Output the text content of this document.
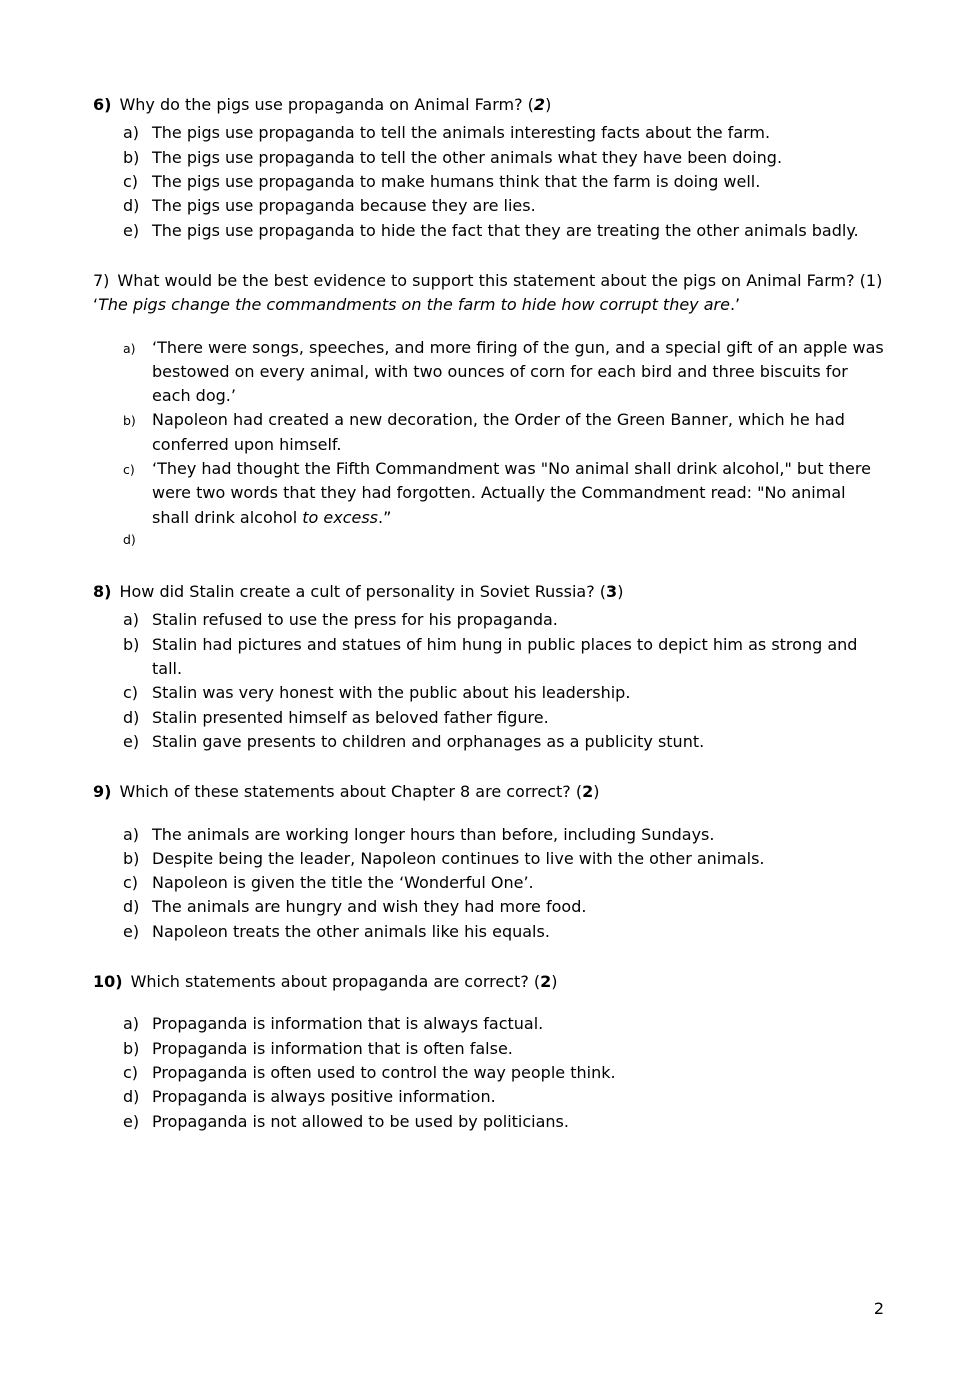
6) Why do the pigs use propaganda on Animal Farm? (2)

a) The pigs use propaganda to tell the animals interesting facts about the farm.
b) The pigs use propaganda to tell the other animals what they have been doing.
c) The pigs use propaganda to make humans think that the farm is doing well.
d) The pigs use propaganda because they are lies.
e) The pigs use propaganda to hide the fact that they are treating the other animals badly.

7) What would be the best evidence to support this statement about the pigs on Animal Farm? (1)

‘The pigs change the commandments on the farm to hide how corrupt they are.’

a)	‘There were songs, speeches, and more firing of the gun, and a special gift of an apple was bestowed on every animal, with two ounces of corn for each bird and three biscuits for each dog.’
b)	Napoleon had created a new decoration, the Order of the Green Banner, which he had conferred upon himself.
c)	‘They had thought the Fifth Commandment was "No animal shall drink alcohol," but there were two words that they had forgotten. Actually the Commandment read: "No animal shall drink alcohol to excess.”
d)

8) How did Stalin create a cult of personality in Soviet Russia? (3)

a) Stalin refused to use the press for his propaganda.
b) Stalin had pictures and statues of him hung in public places to depict him as strong and tall.
c) Stalin was very honest with the public about his leadership.
d) Stalin presented himself as beloved father figure.
e) Stalin gave presents to children and orphanages as a publicity stunt.

9) Which of these statements about Chapter 8 are correct? (2)

a) The animals are working longer hours than before, including Sundays.
b) Despite being the leader, Napoleon continues to live with the other animals.
c) Napoleon is given the title the ‘Wonderful One’.
d) The animals are hungry and wish they had more food.
e) Napoleon treats the other animals like his equals.

10) Which statements about propaganda are correct? (2)

a) Propaganda is information that is always factual.
b) Propaganda is information that is often false.
c) Propaganda is often used to control the way people think.
d) Propaganda is always positive information.
e) Propaganda is not allowed to be used by politicians.
2
